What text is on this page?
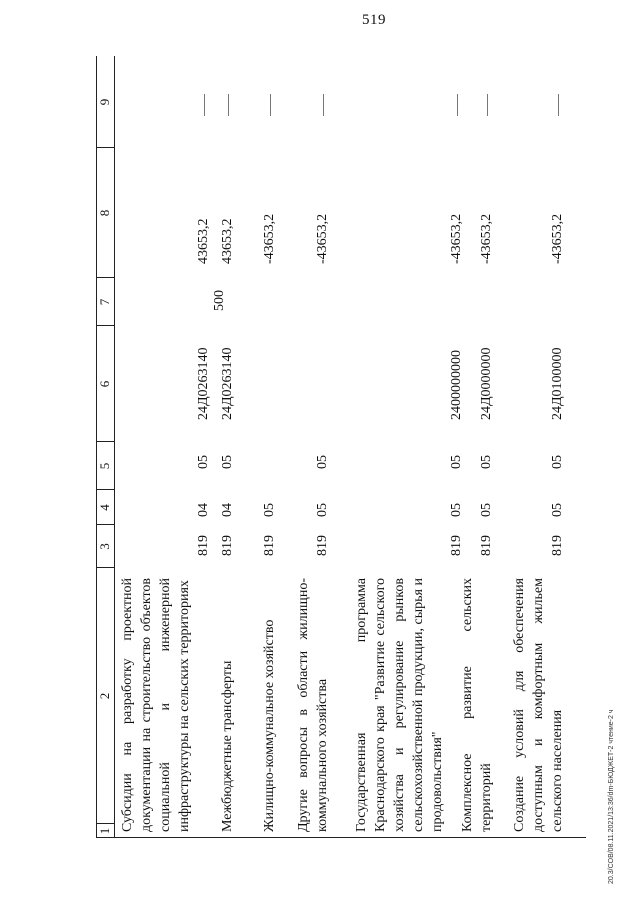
519
20.3/COB/08.11.2021/13:36/dm-БЮДЖЕТ-2 чтение-2 ч
1
2
3
4
5
6
7
8
9
Субсидии на разработку проектной документации на строительство объектов социальной и инженерной инфраструктуры на сельских территориях
819
04
05
24Д0263140
43653,2
Межбюджетные трансферты
819
04
05
24Д0263140
500
43653,2
Жилищно-коммунальное хозяйство
819
05
-43653,2
Другие вопросы в области жилищно-коммунального хозяйства
819
05
05
-43653,2
Государственная программа Краснодарского края "Развитие сельского хозяйства и регулирование рынков сельскохозяйственной продукции, сырья и продовольствия"
819
05
05
2400000000
-43653,2
Комплексное развитие сельских территорий
819
05
05
24Д0000000
-43653,2
Создание условий для обеспечения доступным и комфортным жильем сельского населения
819
05
05
24Д0100000
-43653,2
